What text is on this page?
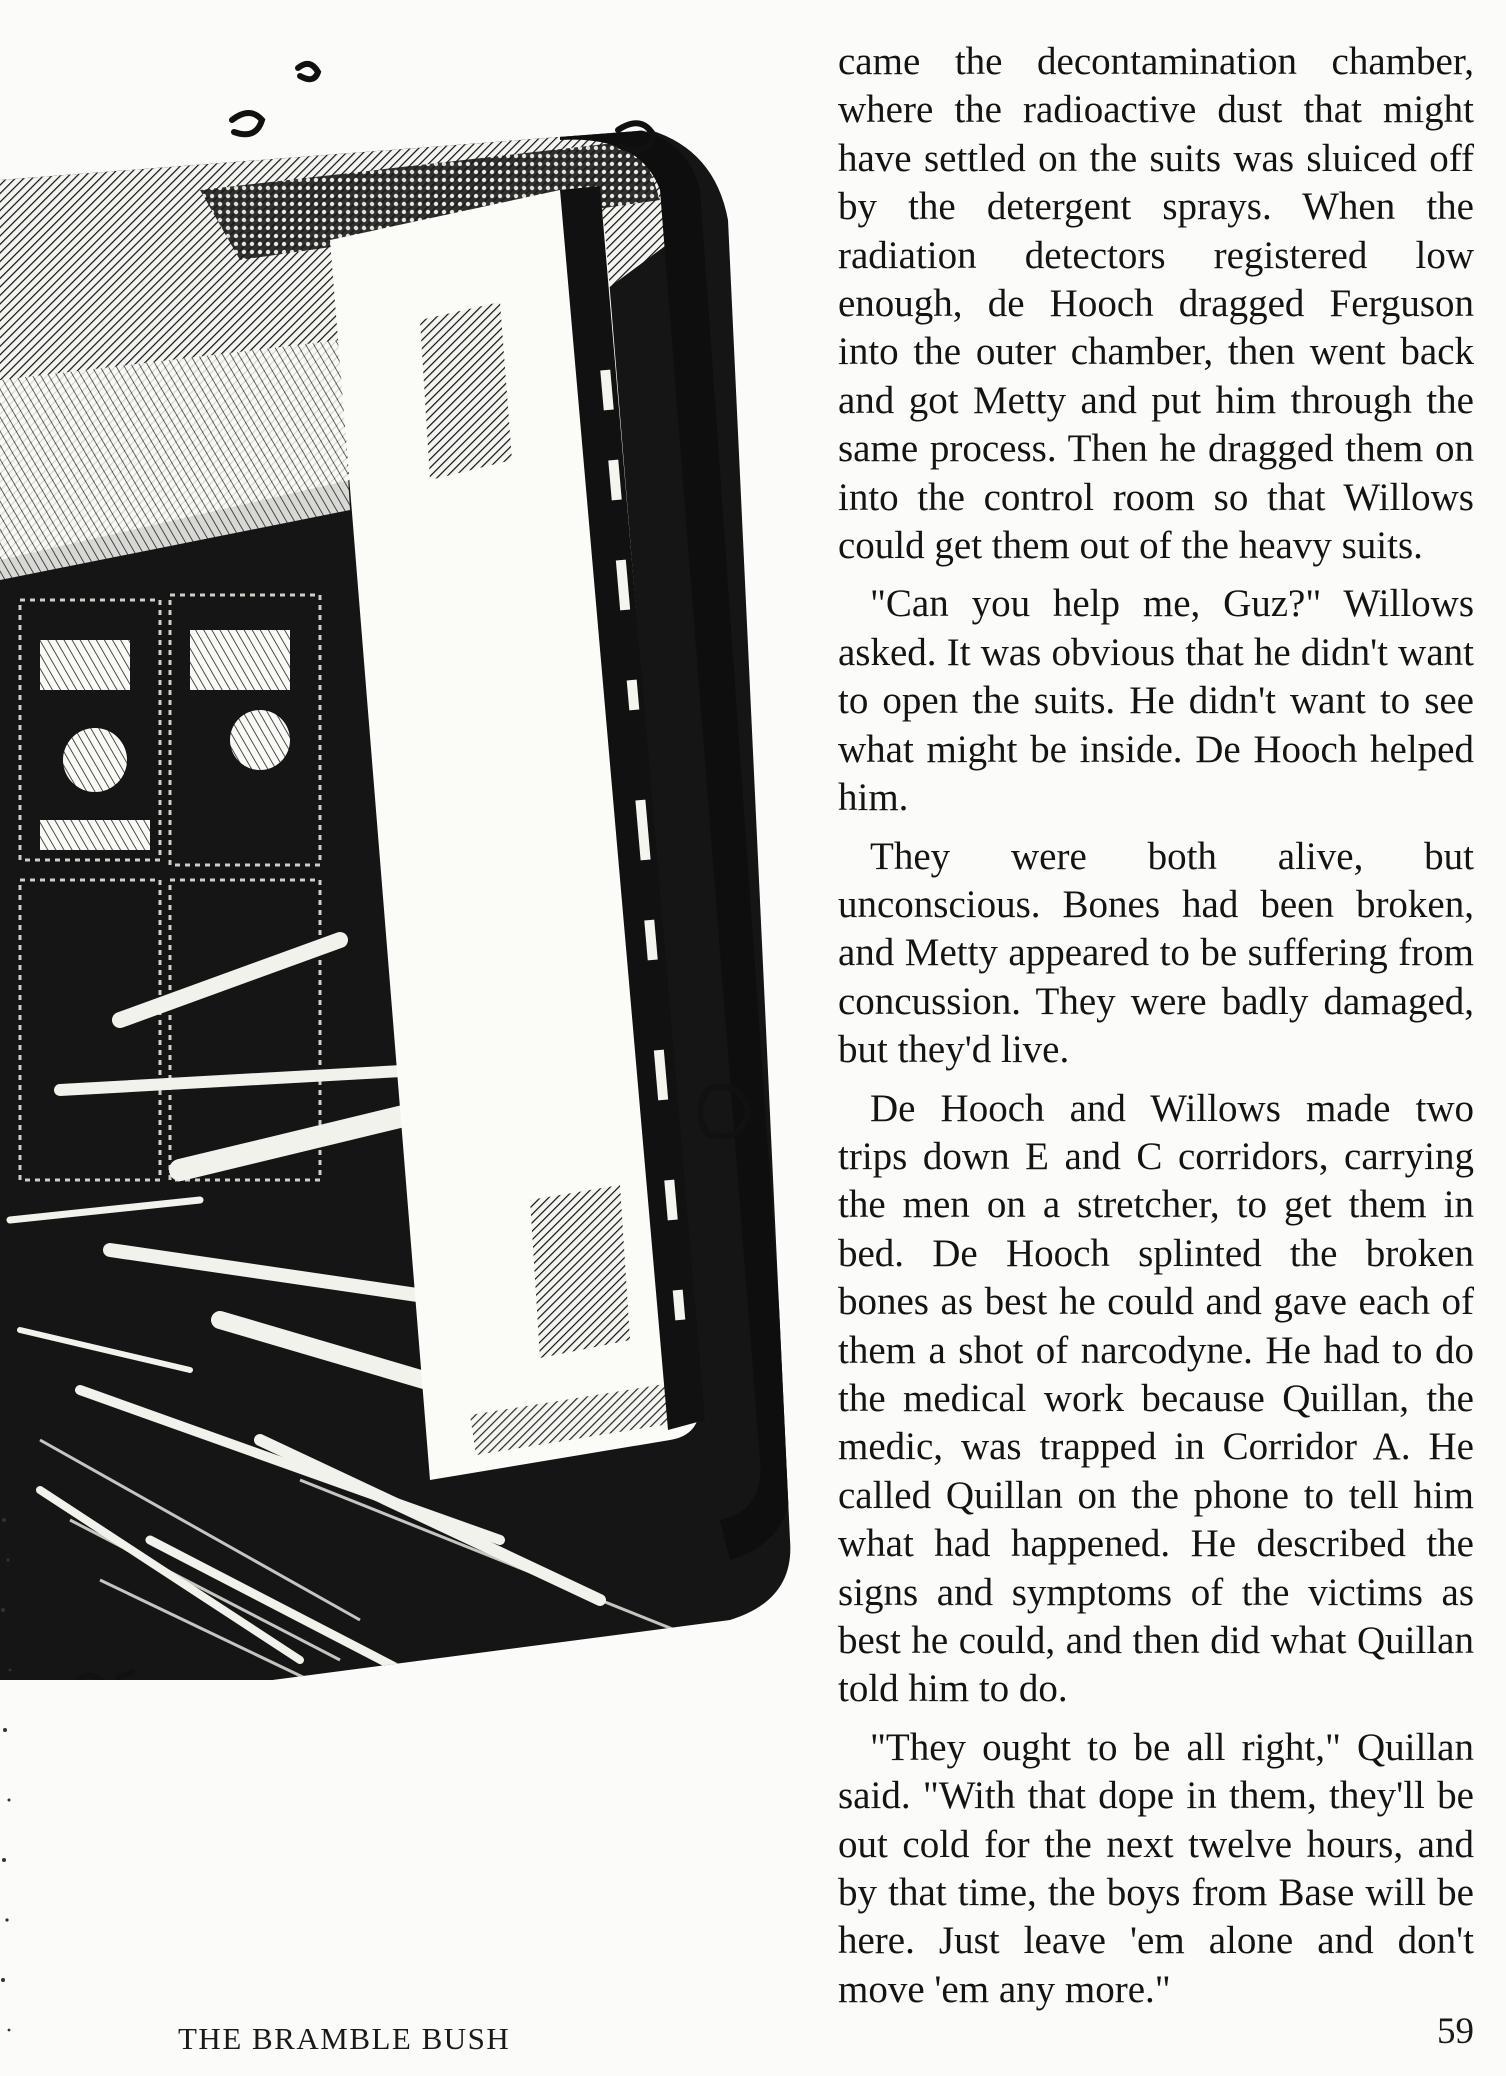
came the decontamination chamber, where the radioactive dust that might have settled on the suits was sluiced off by the detergent sprays. When the radiation detectors registered low enough, de Hooch dragged Ferguson into the outer chamber, then went back and got Metty and put him through the same process. Then he dragged them on into the control room so that Willows could get them out of the heavy suits.

"Can you help me, Guz?" Willows asked. It was obvious that he didn't want to open the suits. He didn't want to see what might be inside. De Hooch helped him.

They were both alive, but unconscious. Bones had been broken, and Metty appeared to be suffering from concussion. They were badly damaged, but they'd live.

De Hooch and Willows made two trips down E and C corridors, carrying the men on a stretcher, to get them in bed. De Hooch splinted the broken bones as best he could and gave each of them a shot of narcodyne. He had to do the medical work because Quillan, the medic, was trapped in Corridor A. He called Quillan on the phone to tell him what had happened. He described the signs and symptoms of the victims as best he could, and then did what Quillan told him to do.

"They ought to be all right," Quillan said. "With that dope in them, they'll be out cold for the next twelve hours, and by that time, the boys from Base will be here. Just leave 'em alone and don't move 'em any more."

THE BRAMBLE BUSH	59
